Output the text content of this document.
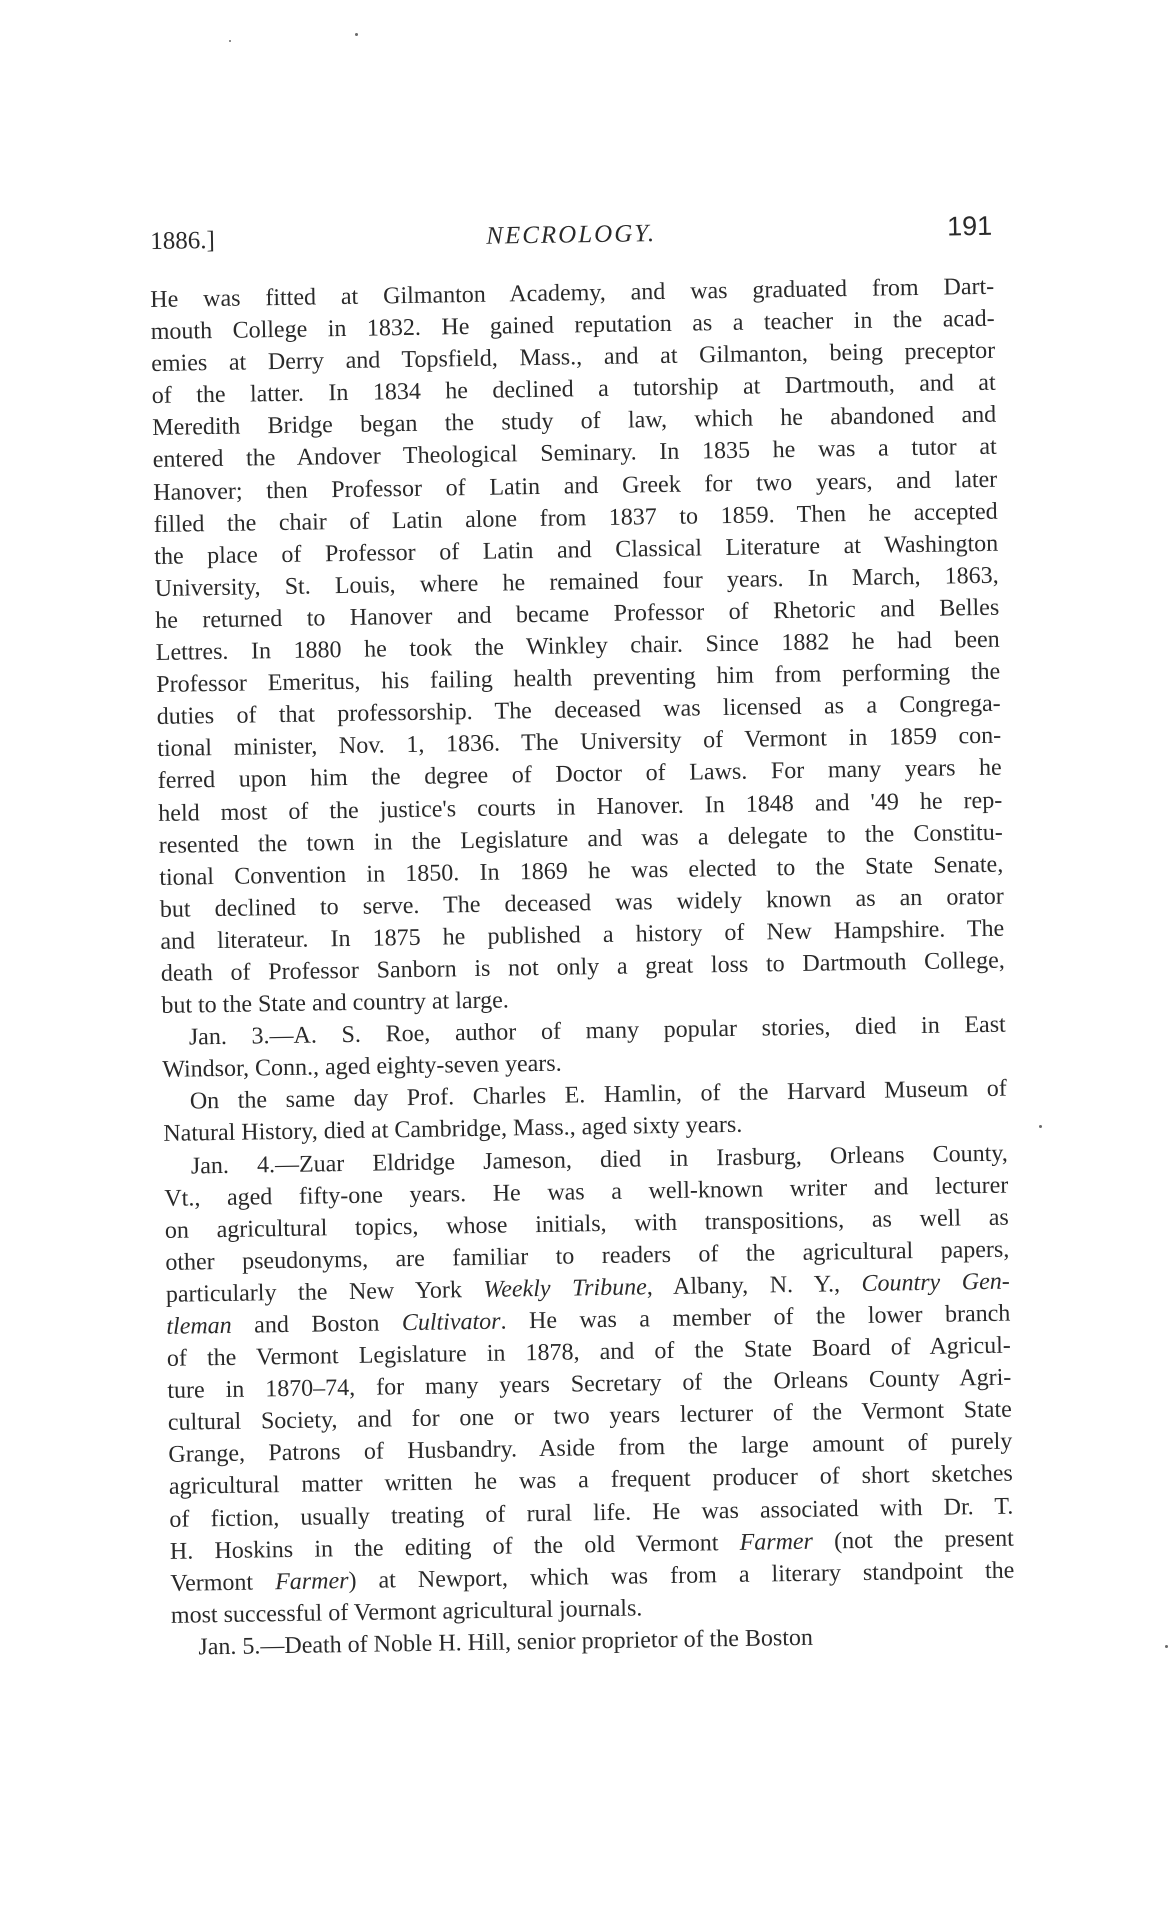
1886.]	NECROLOGY.	191

He was fitted at Gilmanton Academy, and was graduated from Dart-
mouth College in 1832. He gained reputation as a teacher in the acad-
emies at Derry and Topsfield, Mass., and at Gilmanton, being preceptor
of the latter. In 1834 he declined a tutorship at Dartmouth, and at
Meredith Bridge began the study of law, which he abandoned and
entered the Andover Theological Seminary. In 1835 he was a tutor at
Hanover; then Professor of Latin and Greek for two years, and later
filled the chair of Latin alone from 1837 to 1859. Then he accepted
the place of Professor of Latin and Classical Literature at Washington
University, St. Louis, where he remained four years. In March, 1863,
he returned to Hanover and became Professor of Rhetoric and Belles
Lettres. In 1880 he took the Winkley chair. Since 1882 he had been
Professor Emeritus, his failing health preventing him from performing the
duties of that professorship. The deceased was licensed as a Congrega-
tional minister, Nov. 1, 1836. The University of Vermont in 1859 con-
ferred upon him the degree of Doctor of Laws. For many years he
held most of the justice's courts in Hanover. In 1848 and '49 he rep-
resented the town in the Legislature and was a delegate to the Constitu-
tional Convention in 1850. In 1869 he was elected to the State Senate,
but declined to serve. The deceased was widely known as an orator
and literateur. In 1875 he published a history of New Hampshire. The
death of Professor Sanborn is not only a great loss to Dartmouth College,
but to the State and country at large.

Jan. 3.—A. S. Roe, author of many popular stories, died in East
Windsor, Conn., aged eighty-seven years.

On the same day Prof. Charles E. Hamlin, of the Harvard Museum of
Natural History, died at Cambridge, Mass., aged sixty years.

Jan. 4.—Zuar Eldridge Jameson, died in Irasburg, Orleans County,
Vt., aged fifty-one years. He was a well-known writer and lecturer
on agricultural topics, whose initials, with transpositions, as well as
other pseudonyms, are familiar to readers of the agricultural papers,
particularly the New York Weekly Tribune, Albany, N. Y., Country Gen-
tleman and Boston Cultivator. He was a member of the lower branch
of the Vermont Legislature in 1878, and of the State Board of Agricul-
ture in 1870–74, for many years Secretary of the Orleans County Agri-
cultural Society, and for one or two years lecturer of the Vermont State
Grange, Patrons of Husbandry. Aside from the large amount of purely
agricultural matter written he was a frequent producer of short sketches
of fiction, usually treating of rural life. He was associated with Dr. T.
H. Hoskins in the editing of the old Vermont Farmer (not the present
Vermont Farmer) at Newport, which was from a literary standpoint the
most successful of Vermont agricultural journals.

Jan. 5.—Death of Noble H. Hill, senior proprietor of the Boston
